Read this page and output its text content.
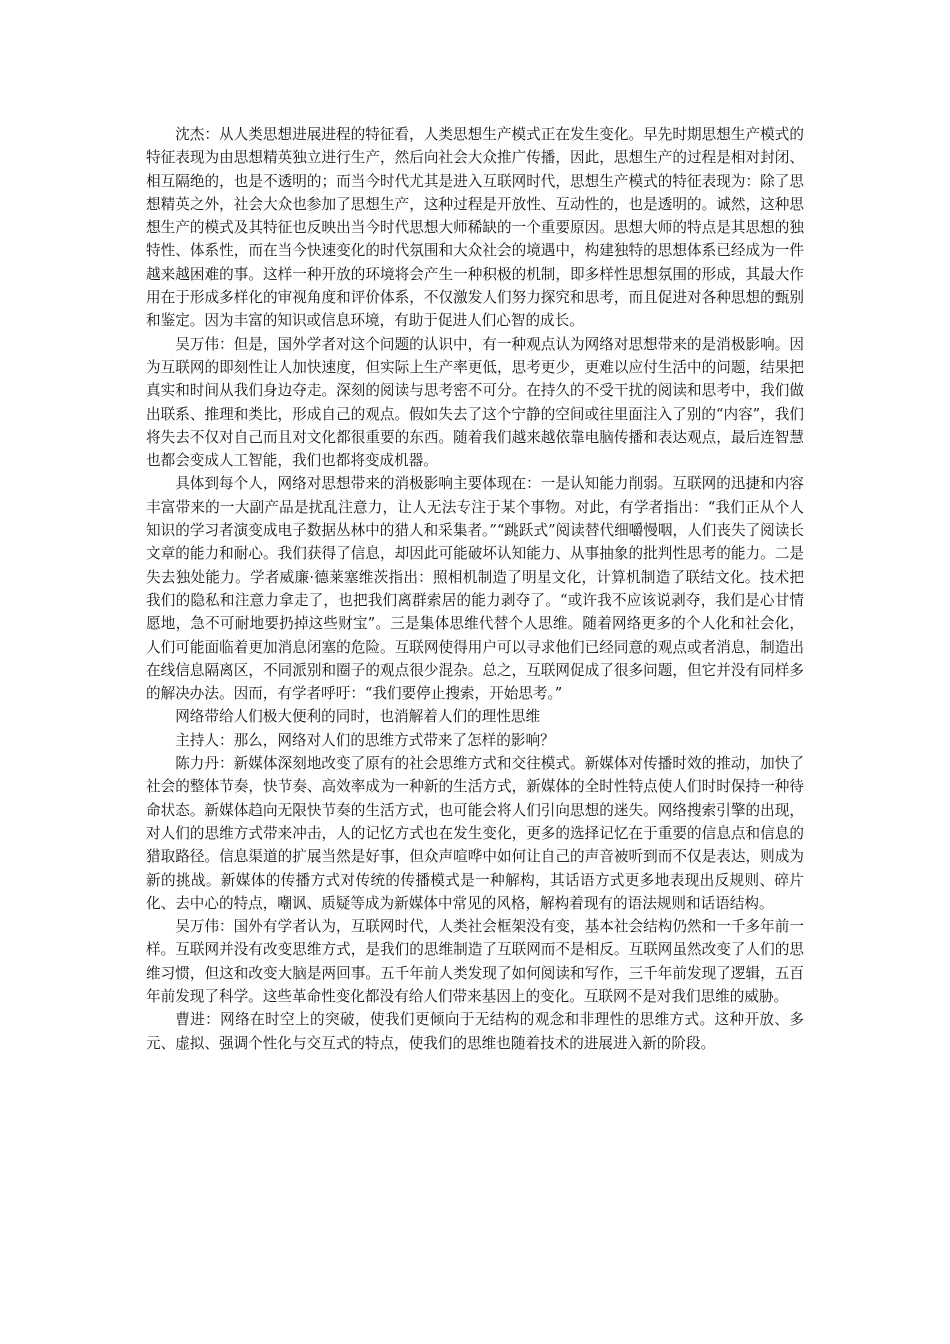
沈杰：从人类思想进展进程的特征看，人类思想生产模式正在发生变化。早先时期思想生产模式的特征表现为由思想精英独立进行生产，然后向社会大众推广传播，因此，思想生产的过程是相对封闭、相互隔绝的，也是不透明的；而当今时代尤其是进入互联网时代，思想生产模式的特征表现为：除了思想精英之外，社会大众也参加了思想生产，这种过程是开放性、互动性的，也是透明的。诚然，这种思想生产的模式及其特征也反映出当今时代思想大师稀缺的一个重要原因。思想大师的特点是其思想的独特性、体系性，而在当今快速变化的时代氛围和大众社会的境遇中，构建独特的思想体系已经成为一件越来越困难的事。这样一种开放的环境将会产生一种积极的机制，即多样性思想氛围的形成，其最大作用在于形成多样化的审视角度和评价体系，不仅激发人们努力探究和思考，而且促进对各种思想的甄别和鉴定。因为丰富的知识或信息环境，有助于促进人们心智的成长。

吴万伟：但是，国外学者对这个问题的认识中，有一种观点认为网络对思想带来的是消极影响。因为互联网的即刻性让人加快速度，但实际上生产率更低，思考更少，更难以应付生活中的问题，结果把真实和时间从我们身边夺走。深刻的阅读与思考密不可分。在持久的不受干扰的阅读和思考中，我们做出联系、推理和类比，形成自己的观点。假如失去了这个宁静的空间或往里面注入了别的“内容”，我们将失去不仅对自己而且对文化都很重要的东西。随着我们越来越依靠电脑传播和表达观点，最后连智慧也都会变成人工智能，我们也都将变成机器。

具体到每个人，网络对思想带来的消极影响主要体现在：一是认知能力削弱。互联网的迅捷和内容丰富带来的一大副产品是扰乱注意力，让人无法专注于某个事物。对此，有学者指出：“我们正从个人知识的学习者演变成电子数据丛林中的猎人和采集者。”“跳跃式”阅读替代细嚼慢咽，人们丧失了阅读长文章的能力和耐心。我们获得了信息，却因此可能破坏认知能力、从事抽象的批判性思考的能力。二是失去独处能力。学者威廉·德莱塞维茨指出：照相机制造了明星文化，计算机制造了联结文化。技术把我们的隐私和注意力拿走了，也把我们离群索居的能力剥夺了。“或许我不应该说剥夺，我们是心甘情愿地，急不可耐地要扔掉这些财宝”。三是集体思维代替个人思维。随着网络更多的个人化和社会化，人们可能面临着更加消息闭塞的危险。互联网使得用户可以寻求他们已经同意的观点或者消息，制造出在线信息隔离区，不同派别和圈子的观点很少混杂。总之，互联网促成了很多问题，但它并没有同样多的解决办法。因而，有学者呼吁：“我们要停止搜索，开始思考。”

网络带给人们极大便利的同时，也消解着人们的理性思维

主持人：那么，网络对人们的思维方式带来了怎样的影响？

陈力丹：新媒体深刻地改变了原有的社会思维方式和交往模式。新媒体对传播时效的推动，加快了社会的整体节奏，快节奏、高效率成为一种新的生活方式，新媒体的全时性特点使人们时时保持一种待命状态。新媒体趋向无限快节奏的生活方式，也可能会将人们引向思想的迷失。网络搜索引擎的出现，对人们的思维方式带来冲击，人的记忆方式也在发生变化，更多的选择记忆在于重要的信息点和信息的猎取路径。信息渠道的扩展当然是好事，但众声喧哗中如何让自己的声音被听到而不仅是表达，则成为新的挑战。新媒体的传播方式对传统的传播模式是一种解构，其话语方式更多地表现出反规则、碎片化、去中心的特点，嘲讽、质疑等成为新媒体中常见的风格，解构着现有的语法规则和话语结构。

吴万伟：国外有学者认为，互联网时代，人类社会框架没有变，基本社会结构仍然和一千多年前一样。互联网并没有改变思维方式，是我们的思维制造了互联网而不是相反。互联网虽然改变了人们的思维习惯，但这和改变大脑是两回事。五千年前人类发现了如何阅读和写作，三千年前发现了逻辑，五百年前发现了科学。这些革命性变化都没有给人们带来基因上的变化。互联网不是对我们思维的威胁。

曹进：网络在时空上的突破，使我们更倾向于无结构的观念和非理性的思维方式。这种开放、多元、虚拟、强调个性化与交互式的特点，使我们的思维也随着技术的进展进入新的阶段。
